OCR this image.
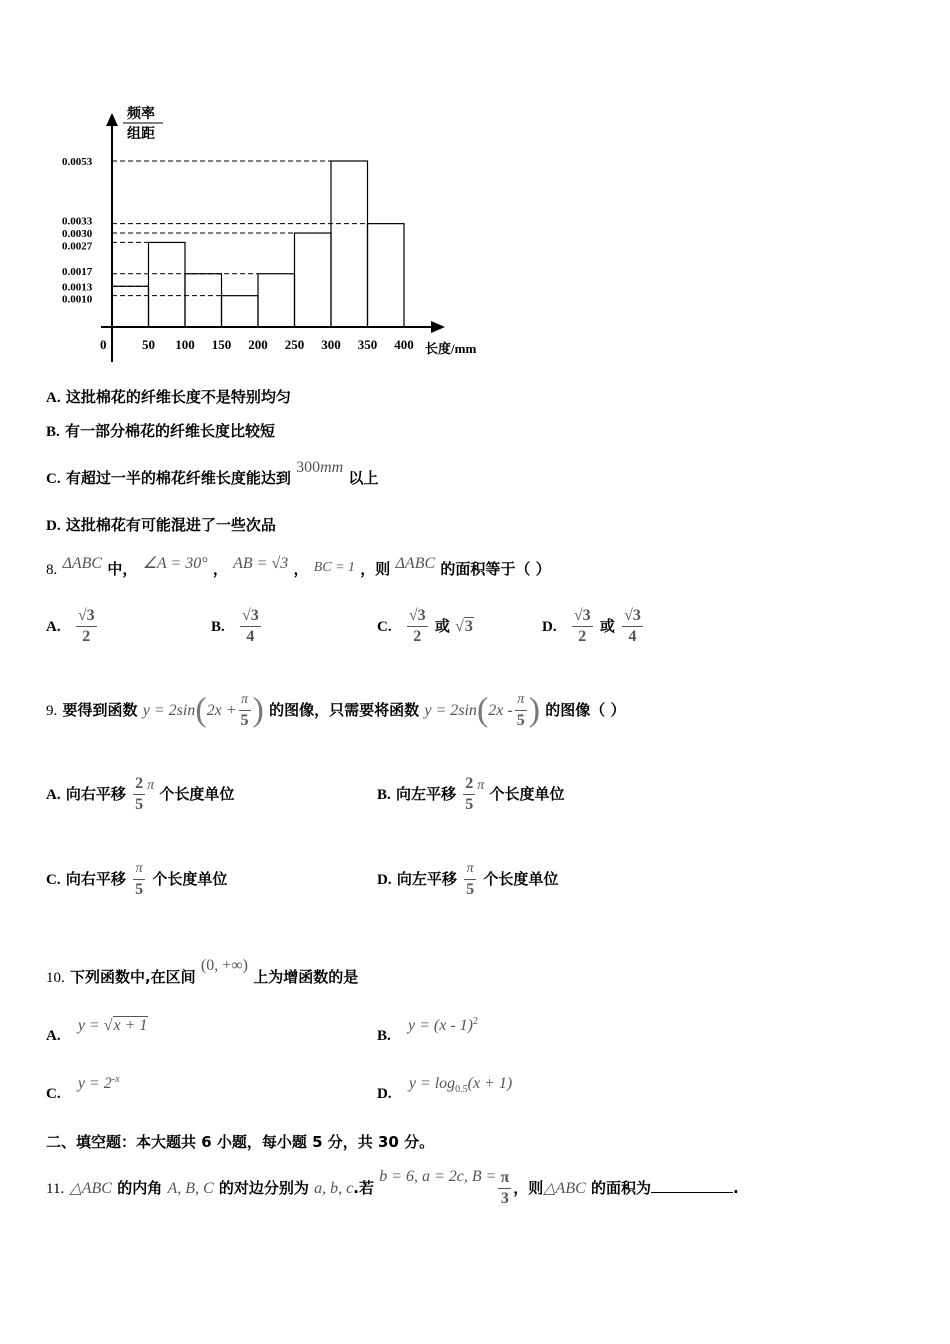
0.0053
0.0033
0.0030
0.0027
0.0017
0.0013
0.0010
50 100 150 200 250 300 350 400
频率
组距
0	长度/mm
A. 这批棉花的纤维长度不是特别均匀
B. 有一部分棉花的纤维长度比较短
C. 有超过一半的棉花纤维长度能达到 300mm 以上
D. 这批棉花有可能混进了一些次品
8. ΔABC 中， ∠A = 30° ， AB = √3 ， BC = 1 ，则 ΔABC 的面积等于（ ）
A. $\frac{√3}{2}$	B. $\frac{√3}{4}$	C. $\frac{√3}{2}$ 或 √3	D. $\frac{√3}{2}$ 或 $\frac{√3}{4}$
9. 要得到函数 $y = 2\sin(2x + \frac{\pi}{5}$ ) 的图像，只需要将函数 $y = 2\sin(2x - \frac{\pi}{5}$ ) 的图像（ ）
A. 向右平移 $\frac{2}{5}$ π 个长度单位	B. 向左平移 $\frac{2}{5}$ π 个长度单位
C. 向右平移 $\frac{\pi}{5}$ 个长度单位	D. 向左平移 $\frac{\pi}{5}$ 个长度单位
10. 下列函数中,在区间 (0, +∞) 上为增函数的是
A. y = √x + 1
B. y = (x - 1)$^2$
C. $y = 2^{-x}$
D. $y = \log_{0.5}(x + 1)$
二、填空题：本大题共 6 小题，每小题 5 分，共 30 分。
11. △ABC 的内角 A, B, C 的对边分别为 a, b, c.若 b = 6, a = 2c, $B = \frac{\pi}{3}$ ，则△ABC 的面积为	.
